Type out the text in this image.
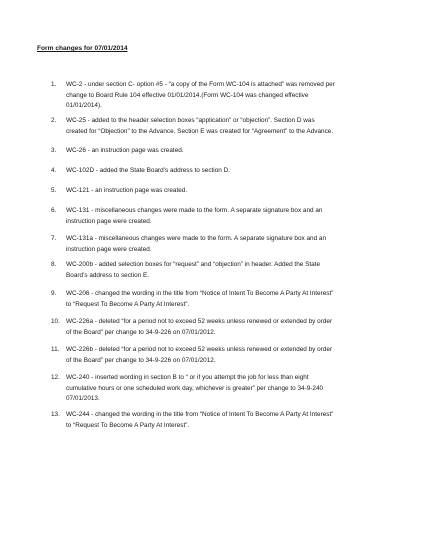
Form changes for 07/01/2014
1. WC-2 - under section C- option #5 - “a copy of the Form WC-104 is attached” was removed per
change to Board Rule 104 effective 01/01/2014.(Form WC-104 was changed effective
01/01/2014).
2. WC-25 - added to the header selection boxes “application” or “objection”. Section D was
created for “Objection” to the Advance. Section E was created for “Agreement” to the Advance.
3. WC-26 - an instruction page was created.
4. WC-102D - added the State Board’s address to section D.
5. WC-121 - an instruction page was created.
6. WC-131 - miscellaneous changes were made to the form. A separate signature box and an
instruction page were created.
7. WC-131a - miscellaneous changes were made to the form. A separate signature box and an
instruction page were created.
8. WC-200b - added selection boxes for “request” and “objection” in header. Added the State
Board’s address to section E.
9. WC-206 - changed the wording in the title from “Notice of Intent To Become A Party At Interest”
to “Request To Become A Party At Interest”.
10. WC-226a - deleted “for a period not to exceed 52 weeks unless renewed or extended by order
of the Board” per change to 34-9-226 on 07/01/2012.
11. WC-226b - deleted “for a period not to exceed 52 weeks unless renewed or extended by order
of the Board” per change to 34-9-226 on 07/01/2012.
12. WC-240 - inserted wording in section B to “ or if you attempt the job for less than eight
cumulative hours or one scheduled work day, whichever is greater” per change to 34-9-240
07/01/2013.
13. WC-244 - changed the wording in the title from “Notice of Intent To Become A Party At Interest”
to “Request To Become A Party At Interest”.
